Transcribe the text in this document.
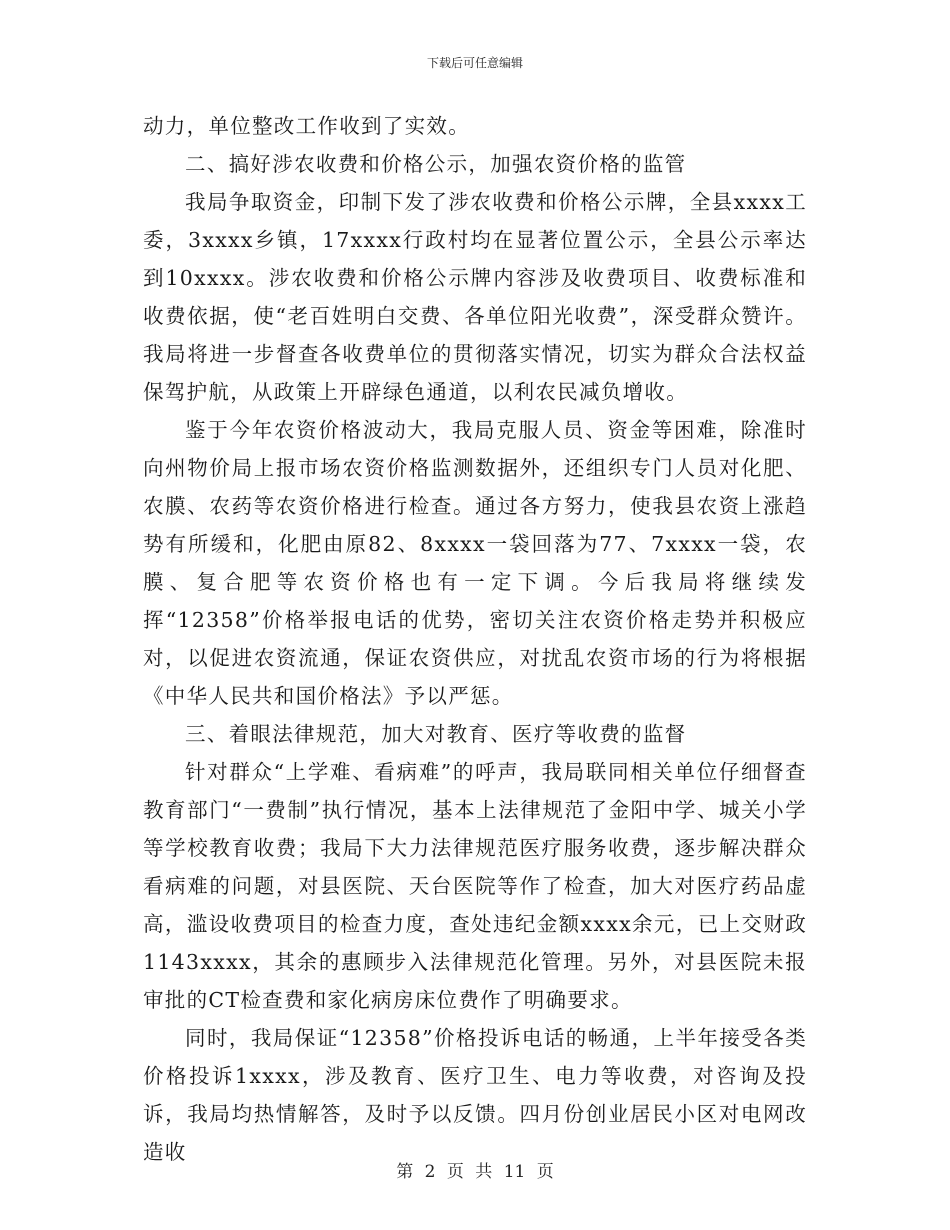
下载后可任意编辑

动力，单位整改工作收到了实效。

二、搞好涉农收费和价格公示，加强农资价格的监管

我局争取资金，印制下发了涉农收费和价格公示牌，全县xxxx工委，3xxxx乡镇，17xxxx行政村均在显著位置公示，全县公示率达到10xxxx。涉农收费和价格公示牌内容涉及收费项目、收费标准和收费依据，使“老百姓明白交费、各单位阳光收费”，深受群众赞许。我局将进一步督查各收费单位的贯彻落实情况，切实为群众合法权益保驾护航，从政策上开辟绿色通道，以利农民减负增收。

鉴于今年农资价格波动大，我局克服人员、资金等困难，除准时向州物价局上报市场农资价格监测数据外，还组织专门人员对化肥、农膜、农药等农资价格进行检查。通过各方努力，使我县农资上涨趋势有所缓和，化肥由原82、8xxxx一袋回落为77、7xxxx一袋，农膜、复合肥等农资价格也有一定下调。今后我局将继续发挥“12358”价格举报电话的优势，密切关注农资价格走势并积极应对，以促进农资流通，保证农资供应，对扰乱农资市场的行为将根据《中华人民共和国价格法》予以严惩。

三、着眼法律规范，加大对教育、医疗等收费的监督

针对群众“上学难、看病难”的呼声，我局联同相关单位仔细督查教育部门“一费制”执行情况，基本上法律规范了金阳中学、城关小学等学校教育收费；我局下大力法律规范医疗服务收费，逐步解决群众看病难的问题，对县医院、天台医院等作了检查，加大对医疗药品虚高，滥设收费项目的检查力度，查处违纪金额xxxx余元，已上交财政1143xxxx，其余的惠顾步入法律规范化管理。另外，对县医院未报审批的CT检查费和家化病房床位费作了明确要求。

同时，我局保证“12358”价格投诉电话的畅通，上半年接受各类价格投诉1xxxx，涉及教育、医疗卫生、电力等收费，对咨询及投诉，我局均热情解答，及时予以反馈。四月份创业居民小区对电网改造收

第 2 页 共 11 页
